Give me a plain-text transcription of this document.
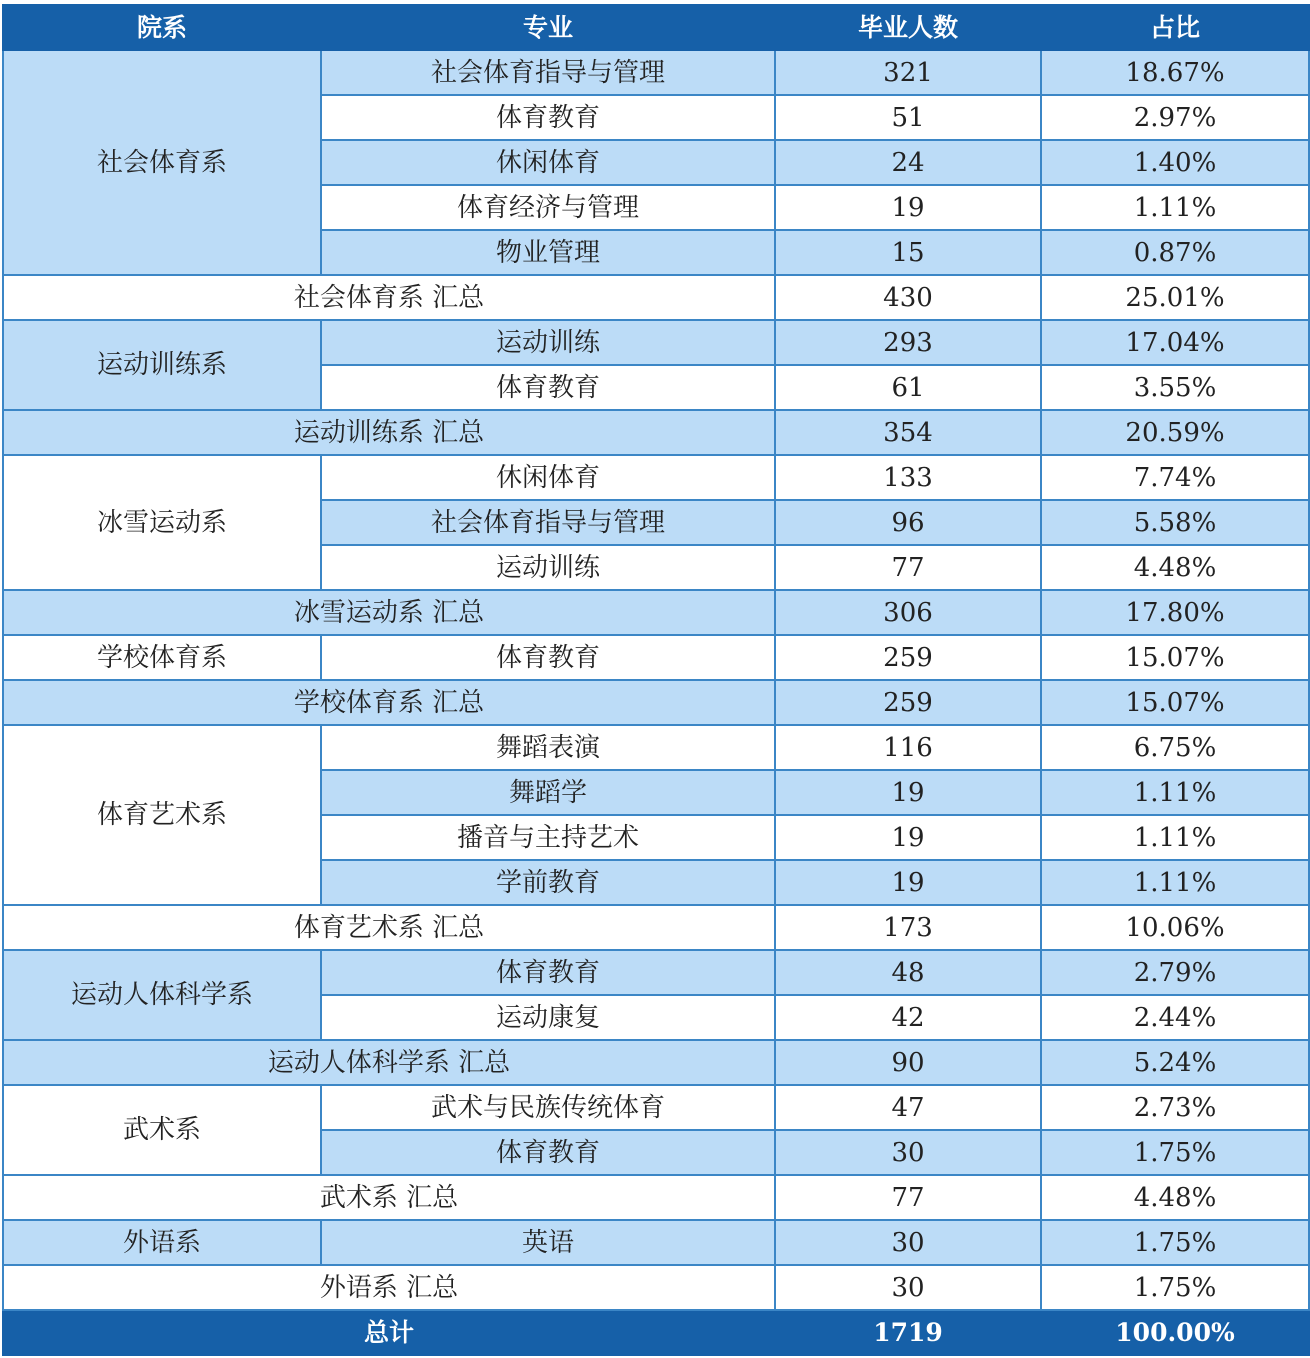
院系	专业	毕业人数	占比
社会体育系	社会体育指导与管理	321	18.67%
	体育教育	51	2.97%
	休闲体育	24	1.40%
	体育经济与管理	19	1.11%
	物业管理	15	0.87%
社会体育系 汇总		430	25.01%
运动训练系	运动训练	293	17.04%
	体育教育	61	3.55%
运动训练系 汇总		354	20.59%
冰雪运动系	休闲体育	133	7.74%
	社会体育指导与管理	96	5.58%
	运动训练	77	4.48%
冰雪运动系 汇总		306	17.80%
学校体育系	体育教育	259	15.07%
学校体育系 汇总		259	15.07%
体育艺术系	舞蹈表演	116	6.75%
	舞蹈学	19	1.11%
	播音与主持艺术	19	1.11%
	学前教育	19	1.11%
体育艺术系 汇总		173	10.06%
运动人体科学系	体育教育	48	2.79%
	运动康复	42	2.44%
运动人体科学系 汇总		90	5.24%
武术系	武术与民族传统体育	47	2.73%
	体育教育	30	1.75%
武术系 汇总		77	4.48%
外语系	英语	30	1.75%
外语系 汇总		30	1.75%
总计		1719	100.00%
